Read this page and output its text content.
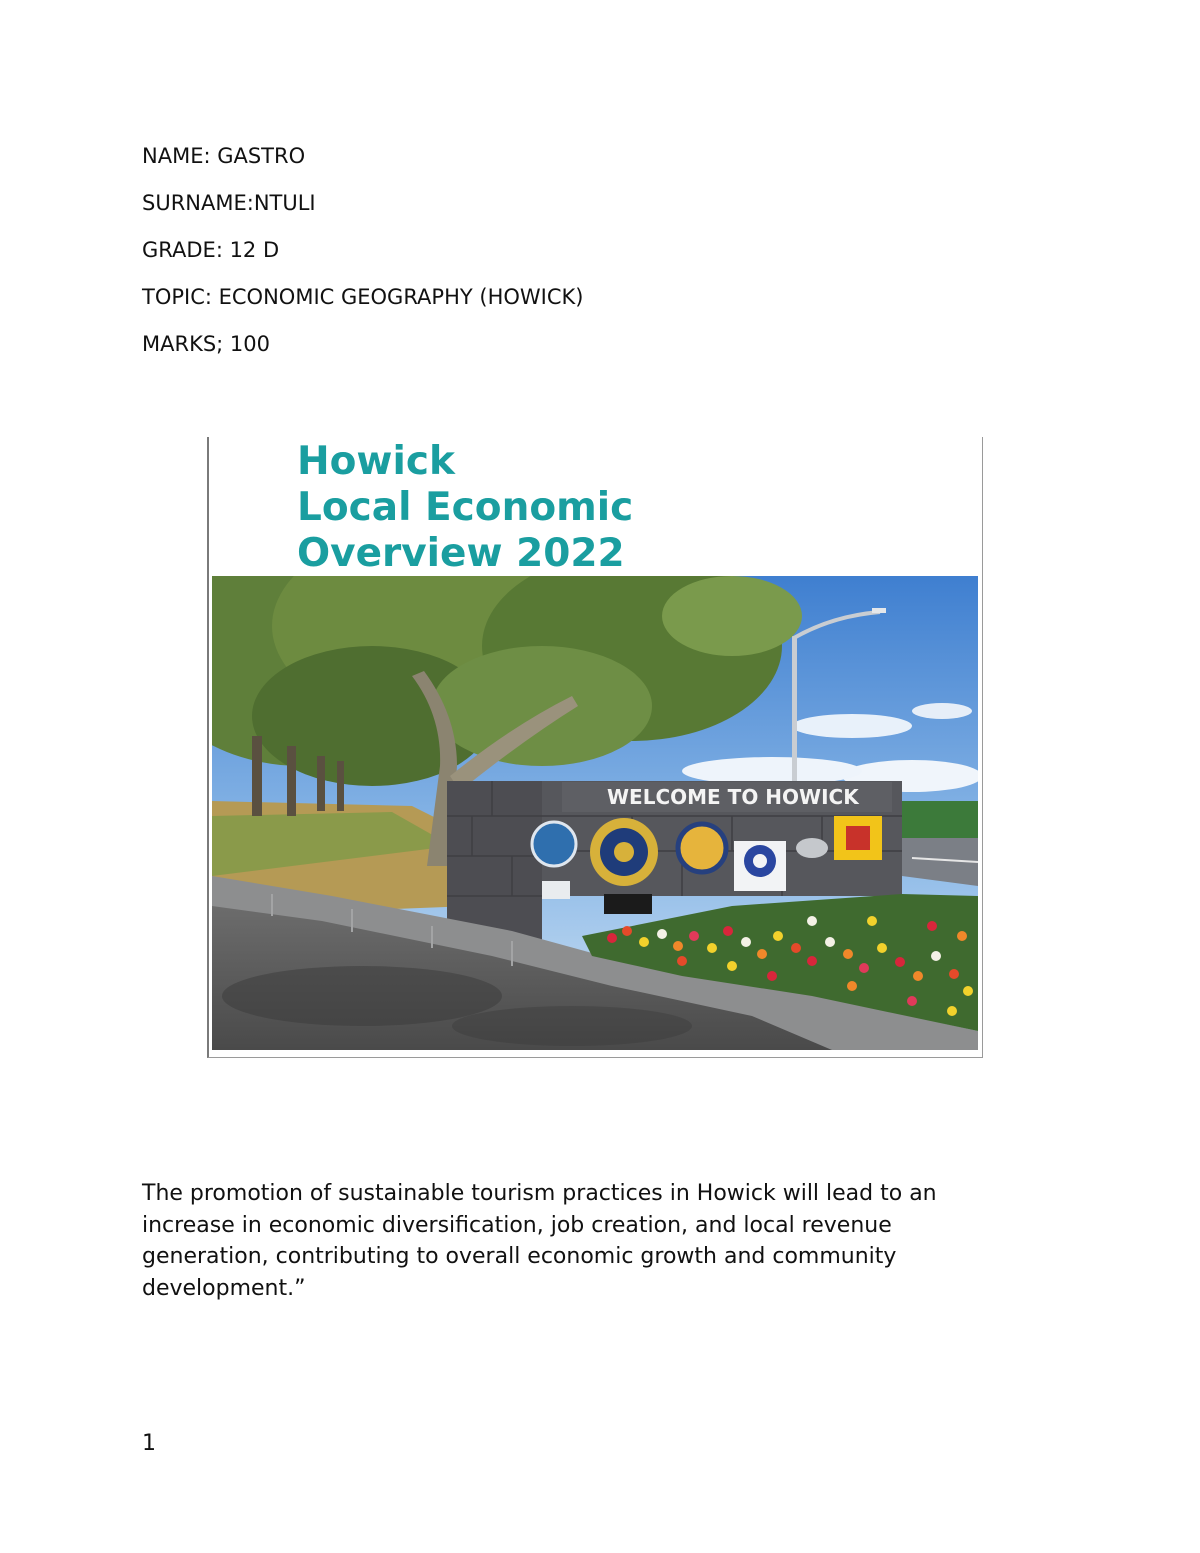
NAME: GASTRO
SURNAME:NTULI
GRADE: 12 D
TOPIC: ECONOMIC GEOGRAPHY (HOWICK)
MARKS; 100
Howick
Local Economic
Overview 2022
WELCOME TO HOWICK
The promotion of sustainable tourism practices in Howick will lead to an increase in economic diversification, job creation, and local revenue generation, contributing to overall economic growth and community development.”
1
